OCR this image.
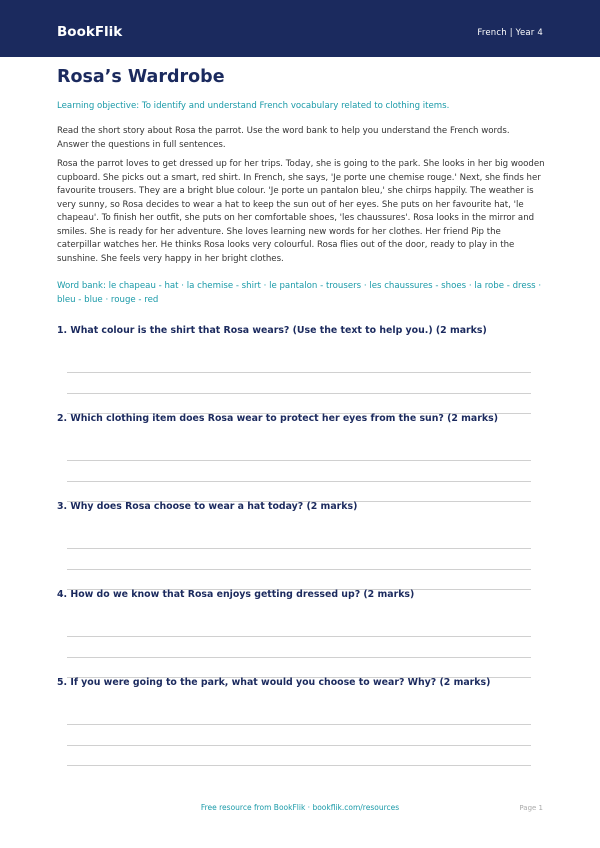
BookFlik	French | Year 4
Rosa’s Wardrobe
Learning objective: To identify and understand French vocabulary related to clothing items.
Read the short story about Rosa the parrot. Use the word bank to help you understand the French words. Answer the questions in full sentences.
Rosa the parrot loves to get dressed up for her trips. Today, she is going to the park. She looks in her big wooden cupboard. She picks out a smart, red shirt. In French, she says, 'Je porte une chemise rouge.' Next, she finds her favourite trousers. They are a bright blue colour. 'Je porte un pantalon bleu,' she chirps happily. The weather is very sunny, so Rosa decides to wear a hat to keep the sun out of her eyes. She puts on her favourite hat, 'le chapeau'. To finish her outfit, she puts on her comfortable shoes, 'les chaussures'. Rosa looks in the mirror and smiles. She is ready for her adventure. She loves learning new words for her clothes. Her friend Pip the caterpillar watches her. He thinks Rosa looks very colourful. Rosa flies out of the door, ready to play in the sunshine. She feels very happy in her bright clothes.
Word bank: le chapeau - hat · la chemise - shirt · le pantalon - trousers · les chaussures - shoes · la robe - dress · bleu - blue · rouge - red
1. What colour is the shirt that Rosa wears? (Use the text to help you.) (2 marks)
2. Which clothing item does Rosa wear to protect her eyes from the sun? (2 marks)
3. Why does Rosa choose to wear a hat today? (2 marks)
4. How do we know that Rosa enjoys getting dressed up? (2 marks)
5. If you were going to the park, what would you choose to wear? Why? (2 marks)
Free resource from BookFlik · bookflik.com/resources	Page 1
